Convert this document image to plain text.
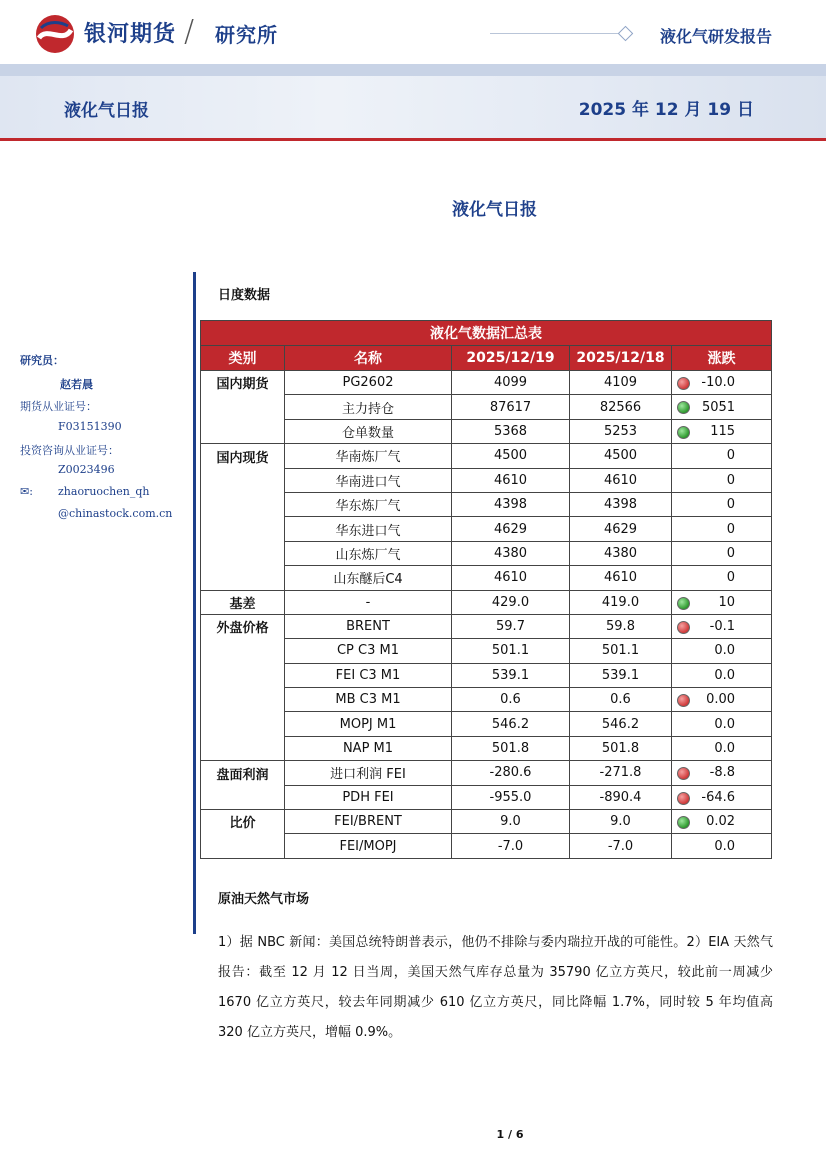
银河期货 / 研究所	液化气研发报告
液化气日报	2025 年 12 月 19 日
液化气日报
研究员：
赵若晨
期货从业证号：
F03151390
投资咨询从业证号：
Z0023496
✉: zhaoruochen_qh
@chinastock.com.cn
日度数据
液化气数据汇总表				
类别	名称	2025/12/19	2025/12/18	涨跌
国内期货	PG2602	4099	4109	-10.0
	主力持仓	87617	82566	5051
	仓单数量	5368	5253	115
国内现货	华南炼厂气	4500	4500	0
	华南进口气	4610	4610	0
	华东炼厂气	4398	4398	0
	华东进口气	4629	4629	0
	山东炼厂气	4380	4380	0
	山东醚后C4	4610	4610	0
基差	-	429.0	419.0	10
外盘价格	BRENT	59.7	59.8	-0.1
	CP C3 M1	501.1	501.1	0.0
	FEI C3 M1	539.1	539.1	0.0
	MB C3 M1	0.6	0.6	0.00
	MOPJ M1	546.2	546.2	0.0
	NAP M1	501.8	501.8	0.0
盘面利润	进口利润 FEI	-280.6	-271.8	-8.8
	PDH FEI	-955.0	-890.4	-64.6
比价	FEI/BRENT	9.0	9.0	0.02
	FEI/MOPJ	-7.0	-7.0	0.0
原油天然气市场
1）据 NBC 新闻：美国总统特朗普表示，他仍不排除与委内瑞拉开战的可能性。2）EIA 天然气报告：截至 12 月 12 日当周，美国天然气库存总量为 35790 亿立方英尺，较此前一周减少 1670 亿立方英尺，较去年同期减少 610 亿立方英尺，同比降幅 1.7%，同时较 5 年均值高 320 亿立方英尺，增幅 0.9%。
1 / 6
